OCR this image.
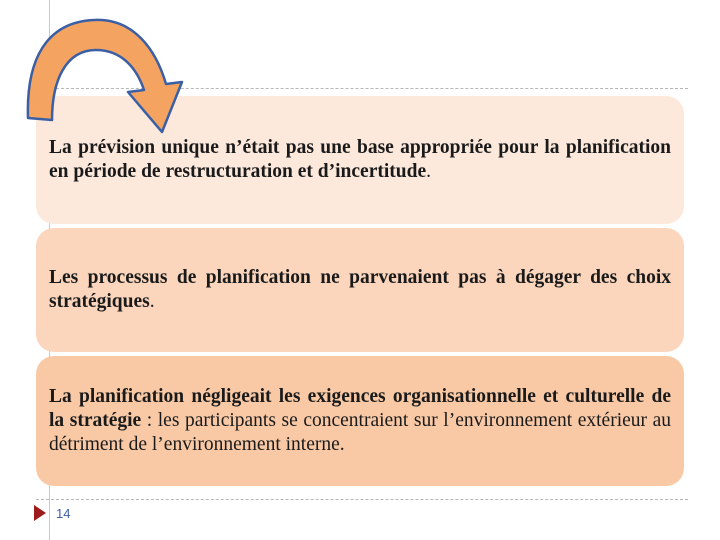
La prévision unique n’était pas une base appropriée pour la planification en période de restructuration et d’incertitude.

Les processus de planification ne parvenaient pas à dégager des choix stratégiques.

La planification négligeait les exigences organisationnelle et culturelle de la stratégie : les participants se concentraient sur l’environnement extérieur au détriment de l’environnement interne.

14
